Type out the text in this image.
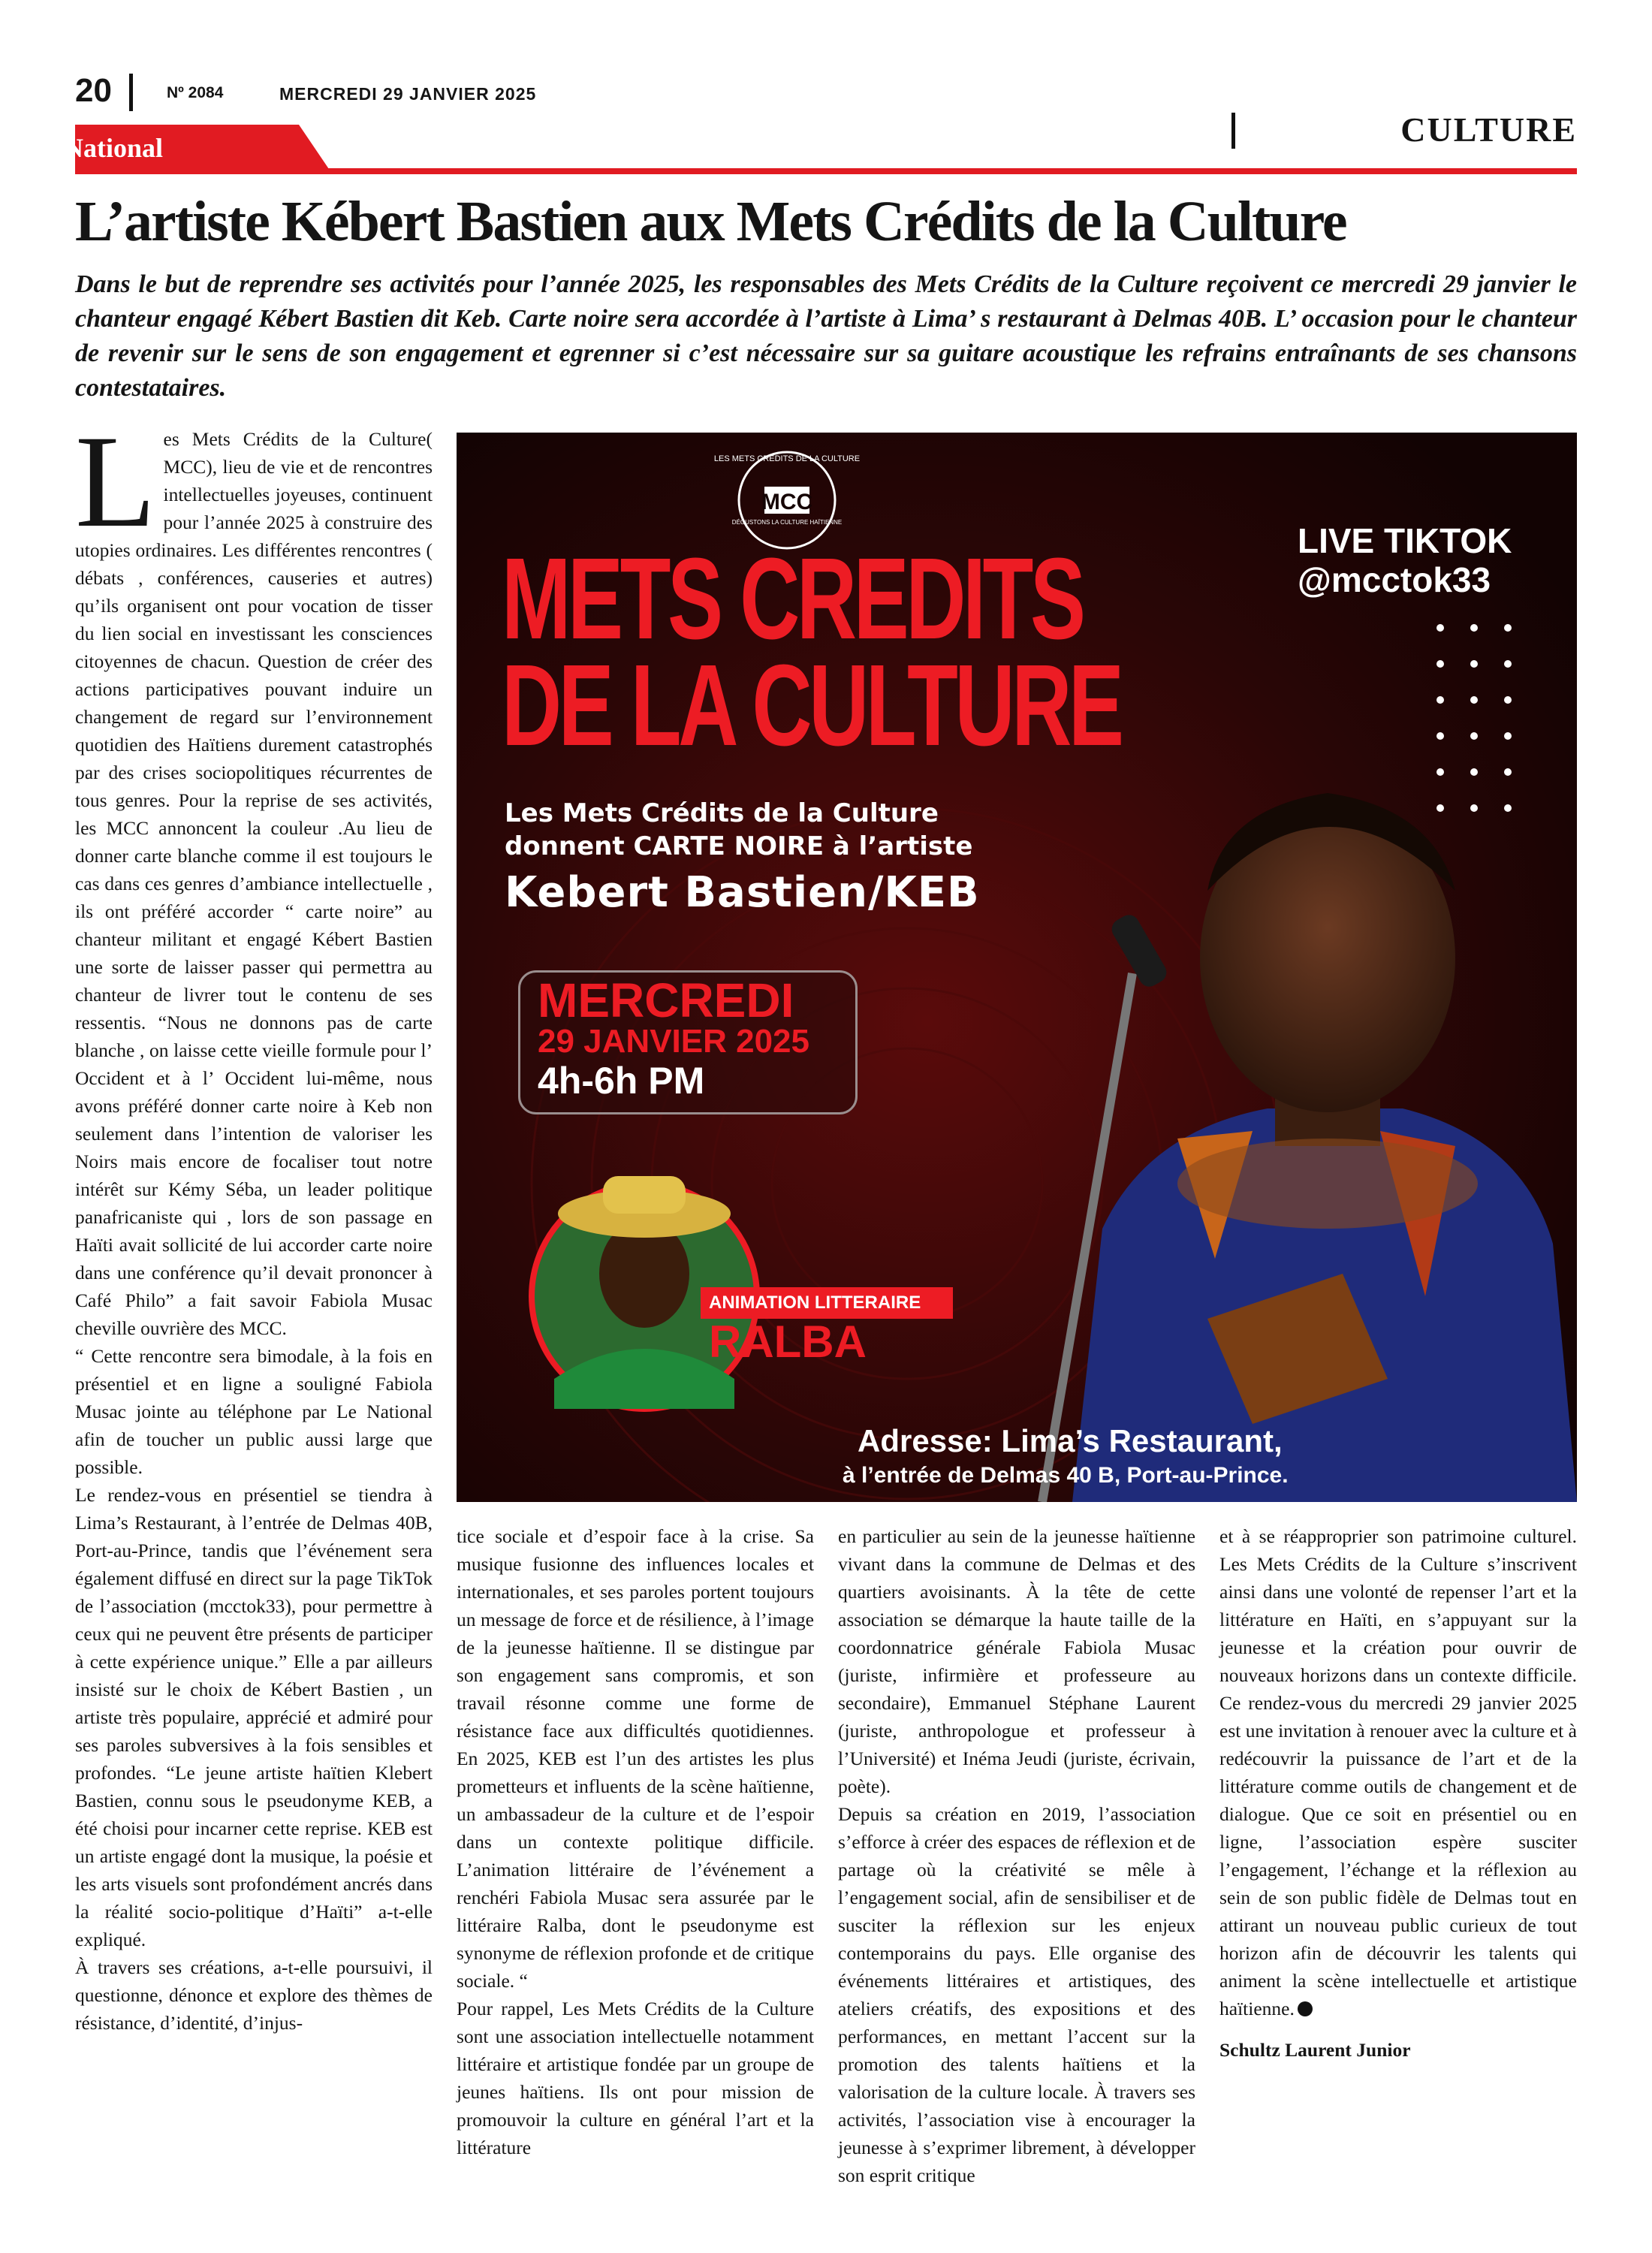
20	Nº 2084	MERCREDI 29 JANVIER 2025
Le National	CULTURE
L’artiste Kébert Bastien aux Mets Crédits de la Culture
Dans le but de reprendre ses activités pour l’année 2025, les responsables des Mets Crédits de la Culture reçoivent ce mercredi 29 janvier le chanteur engagé Kébert Bastien dit Keb. Carte noire sera accordée à l’artiste à Lima’ s restaurant à Delmas 40B. L’ occasion pour le chanteur de revenir sur le sens de son engagement et egrenner si c’est nécessaire sur sa guitare acoustique les refrains entraînants de ses chansons contestataires.

Les Mets Crédits de la Culture( MCC), lieu de vie et de rencontres intellectuelles joyeuses, continuent pour l’année 2025 à construire des utopies ordinaires. Les différentes rencontres ( débats , conférences, causeries et autres) qu’ils organisent ont pour vocation de tisser du lien social en investissant les consciences citoyennes de chacun. Question de créer des actions participatives pouvant induire un changement de regard sur l’environnement quotidien des Haïtiens durement catastrophés par des crises sociopolitiques récurrentes de tous genres. Pour la reprise de ses activités, les MCC annoncent la couleur .Au lieu de donner carte blanche comme il est toujours le cas dans ces genres d’ambiance intellectuelle , ils ont préféré accorder “ carte noire” au chanteur militant et engagé Kébert Bastien une sorte de laisser passer qui permettra au chanteur de livrer tout le contenu de ses ressentis. “Nous ne donnons pas de carte blanche , on laisse cette vieille formule pour l’ Occident et à l’ Occident lui-même, nous avons préféré donner carte noire à Keb non seulement dans l’intention de valoriser les Noirs mais encore de focaliser tout notre intérêt sur Kémy Séba, un leader politique panafricaniste qui , lors de son passage en Haïti avait sollicité de lui accorder carte noire dans une conférence qu’il devait prononcer à Café Philo” a fait savoir Fabiola Musac cheville ouvrière des MCC.
“ Cette rencontre sera bimodale, à la fois en présentiel et en ligne a souligné Fabiola Musac jointe au téléphone par Le National afin de toucher un public aussi large que possible.

Le rendez-vous en présentiel se tiendra à Lima’s Restaurant, à l’entrée de Delmas 40B, Port-au-Prince, tandis que l’événement sera également diffusé en direct sur la page TikTok de l’association (mcctok33), pour permettre à ceux qui ne peuvent être présents de participer à cette expérience unique.” Elle a par ailleurs insisté sur le choix de Kébert Bastien , un artiste très populaire, apprécié et admiré pour ses paroles subversives à la fois sensibles et profondes. “Le jeune artiste haïtien Klebert Bastien, connu sous le pseudonyme KEB, a été choisi pour incarner cette reprise. KEB est un artiste engagé dont la musique, la poésie et les arts visuels sont profondément ancrés dans la réalité socio-politique d’Haïti” a-t-elle expliqué.

À travers ses créations, a-t-elle poursuivi, il questionne, dénonce et explore des thèmes de résistance, d’identité, d’injus-

MCC
LES METS CRÉDITS DE LA CULTURE
DÉGUSTONS LA CULTURE HAÏTIENNE
METS CREDITS
DE LA CULTURE
LIVE TIKTOK
@mcctok33
Les Mets Crédits de la Culture
donnent CARTE NOIRE à l’artiste
Kebert Bastien/KEB
MERCREDI
29 JANVIER 2025
4h-6h PM
ANIMATION LITTERAIRE
RALBA
Adresse: Lima’s Restaurant,
à l’entrée de Delmas 40 B, Port-au-Prince.

tice sociale et d’espoir face à la crise. Sa musique fusionne des influences locales et internationales, et ses paroles portent toujours un message de force et de résilience, à l’image de la jeunesse haïtienne. Il se distingue par son engagement sans compromis, et son travail résonne comme une forme de résistance face aux difficultés quotidiennes. En 2025, KEB est l’un des artistes les plus prometteurs et influents de la scène haïtienne, un ambassadeur de la culture et de l’espoir dans un contexte politique difficile. L’animation littéraire de l’événement a renchéri Fabiola Musac sera assurée par le littéraire Ralba, dont le pseudonyme est synonyme de réflexion profonde et de critique sociale. “

Pour rappel, Les Mets Crédits de la Culture sont une association intellectuelle notamment littéraire et artistique fondée par un groupe de jeunes haïtiens. Ils ont pour mission de promouvoir la culture en général l’art et la littérature

en particulier au sein de la jeunesse haïtienne vivant dans la commune de Delmas et des quartiers avoisinants. À la tête de cette association se démarque la haute taille de la coordonnatrice générale Fabiola Musac (juriste, infirmière et professeure au secondaire), Emmanuel Stéphane Laurent (juriste, anthropologue et professeur à l’Université) et Inéma Jeudi (juriste, écrivain, poète).

Depuis sa création en 2019, l’association s’efforce à créer des espaces de réflexion et de partage où la créativité se mêle à l’engagement social, afin de sensibiliser et de susciter la réflexion sur les enjeux contemporains du pays. Elle organise des événements littéraires et artistiques, des ateliers créatifs, des expositions et des performances, en mettant l’accent sur la promotion des talents haïtiens et la valorisation de la culture locale. À travers ses activités, l’association vise à encourager la jeunesse à s’exprimer librement, à développer son esprit critique

et à se réapproprier son patrimoine culturel. Les Mets Crédits de la Culture s’inscrivent ainsi dans une volonté de repenser l’art et la littérature en Haïti, en s’appuyant sur la jeunesse et la création pour ouvrir de nouveaux horizons dans un contexte difficile. Ce rendez-vous du mercredi 29 janvier 2025 est une invitation à renouer avec la culture et à redécouvrir la puissance de l’art et de la littérature comme outils de changement et de dialogue. Que ce soit en présentiel ou en ligne, l’association espère susciter l’engagement, l’échange et la réflexion au sein de son public fidèle de Delmas tout en attirant un nouveau public curieux de tout horizon afin de découvrir les talents qui animent la scène intellectuelle et artistique haïtienne.

Schultz Laurent Junior
